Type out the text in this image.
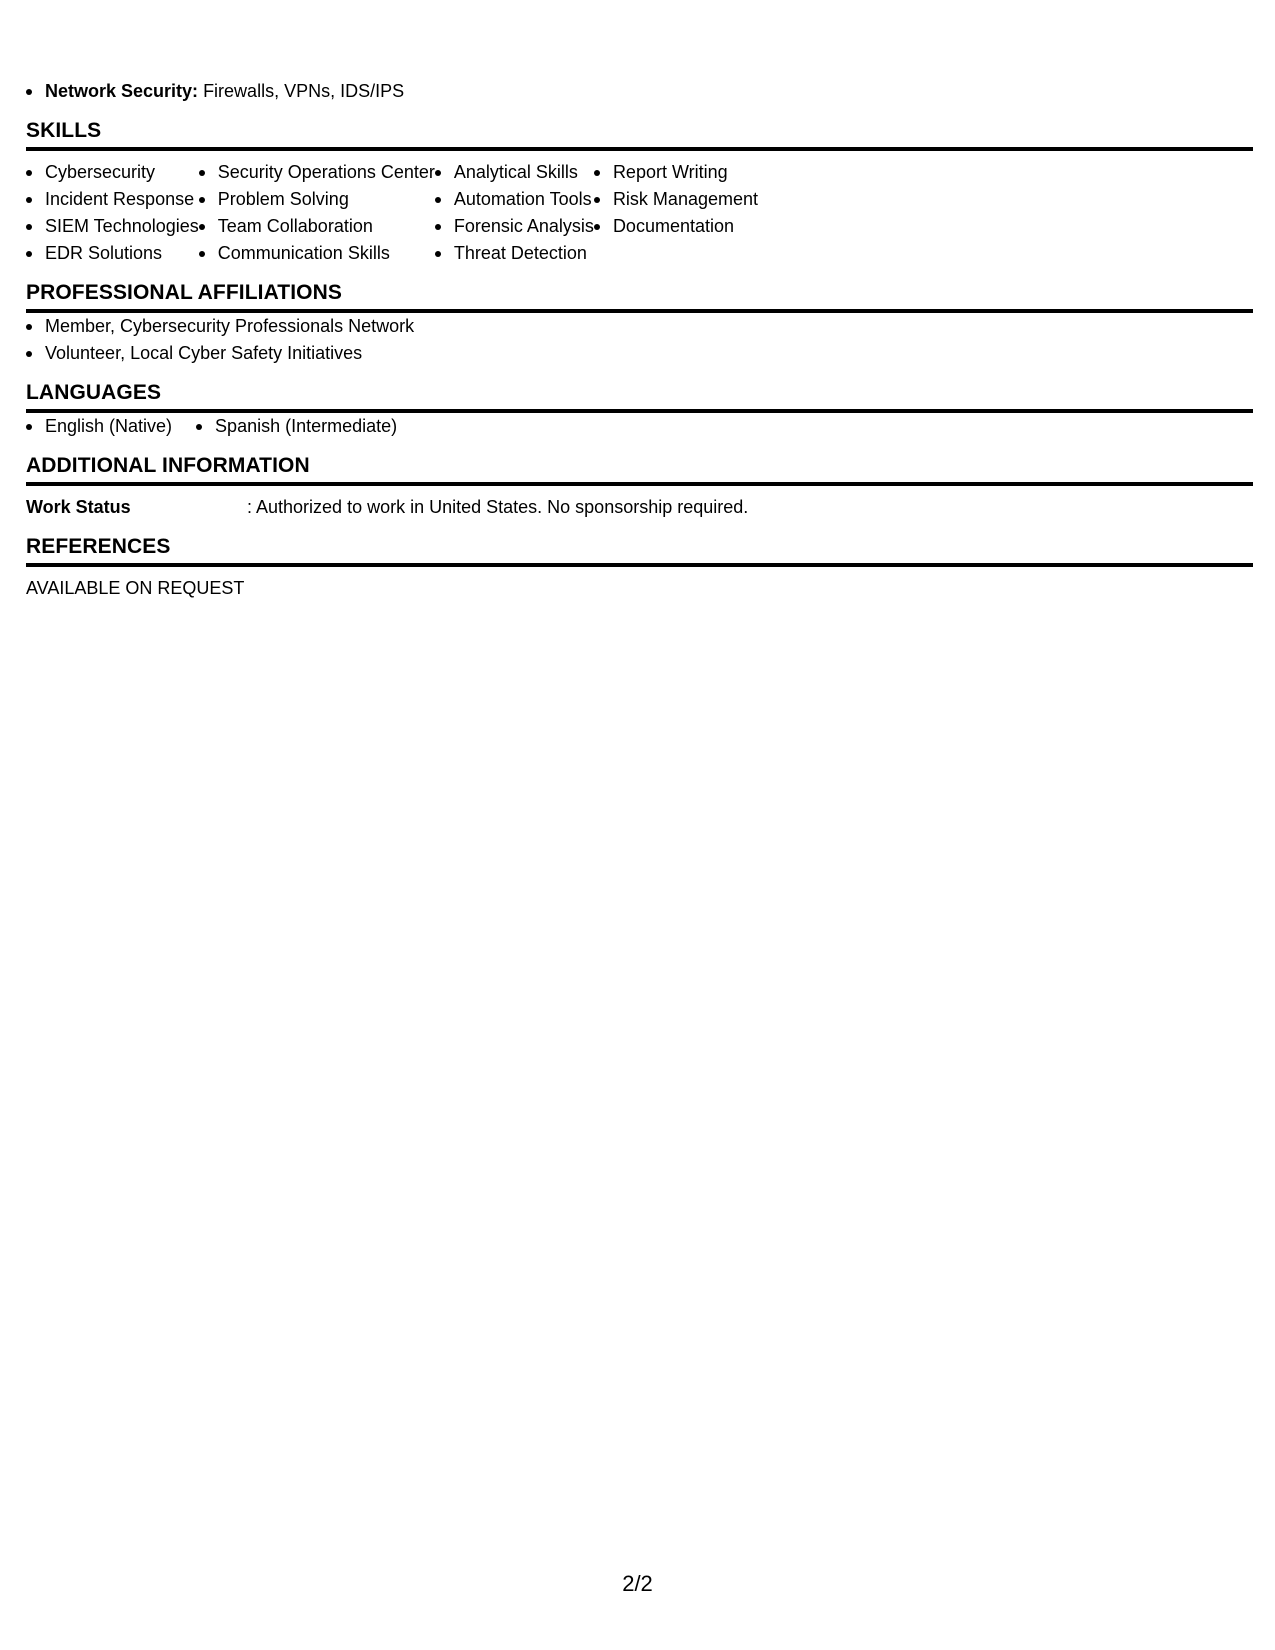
Network Security: Firewalls, VPNs, IDS/IPS
SKILLS
Cybersecurity
Incident Response
SIEM Technologies
EDR Solutions
Security Operations Center
Problem Solving
Team Collaboration
Communication Skills
Analytical Skills
Automation Tools
Forensic Analysis
Threat Detection
Report Writing
Risk Management
Documentation
PROFESSIONAL AFFILIATIONS
Member, Cybersecurity Professionals Network
Volunteer, Local Cyber Safety Initiatives
LANGUAGES
English (Native)	Spanish (Intermediate)
ADDITIONAL INFORMATION
Work Status	: Authorized to work in United States. No sponsorship required.
REFERENCES
AVAILABLE ON REQUEST
2/2
